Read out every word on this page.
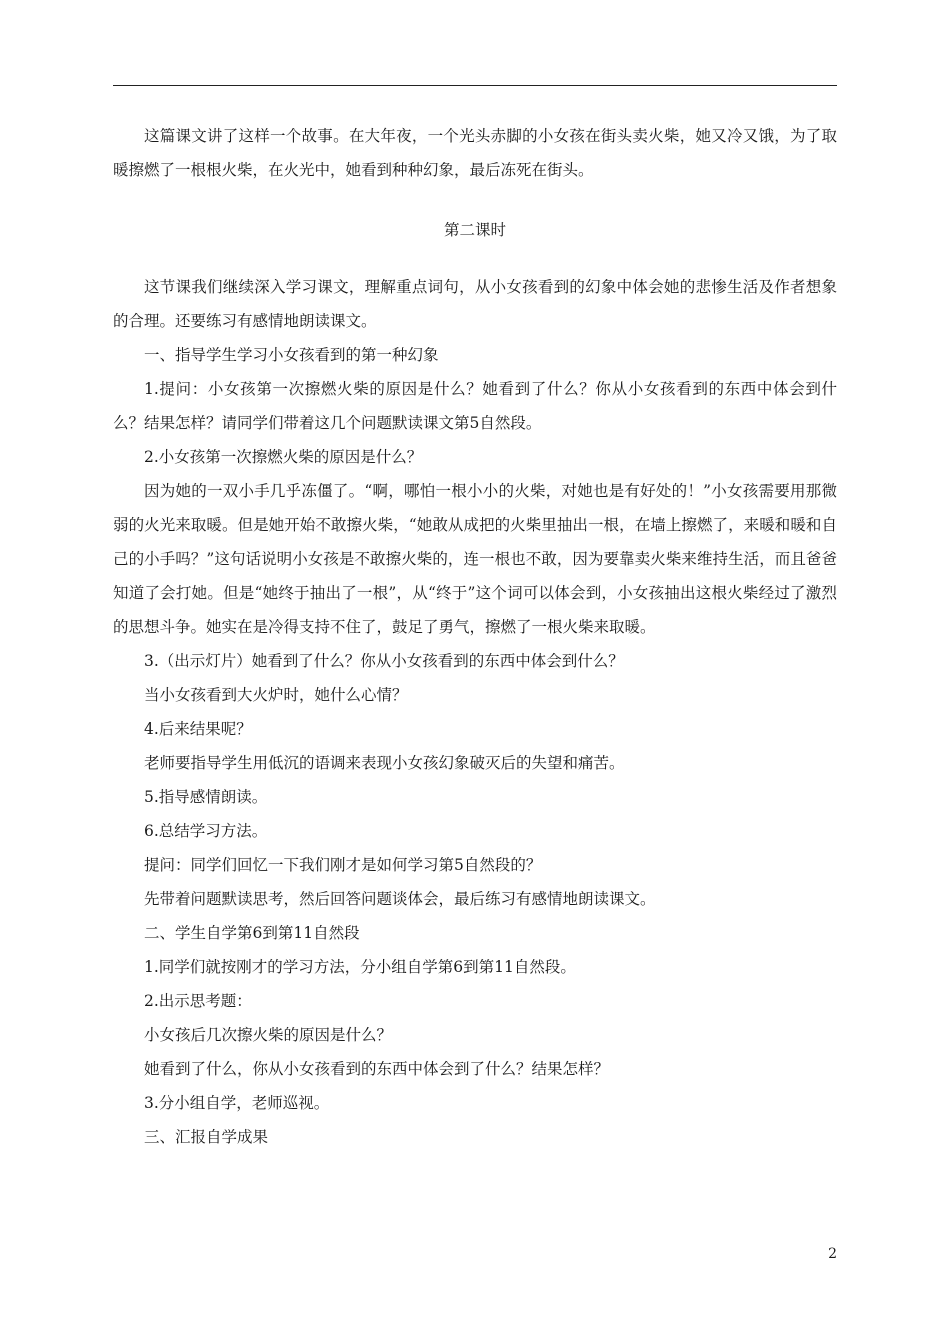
这篇课文讲了这样一个故事。在大年夜，一个光头赤脚的小女孩在街头卖火柴，她又冷又饿，为了取暖擦燃了一根根火柴，在火光中，她看到种种幻象，最后冻死在街头。

第二课时

这节课我们继续深入学习课文，理解重点词句，从小女孩看到的幻象中体会她的悲惨生活及作者想象的合理。还要练习有感情地朗读课文。

一、指导学生学习小女孩看到的第一种幻象

1.提问：小女孩第一次擦燃火柴的原因是什么？她看到了什么？你从小女孩看到的东西中体会到什么？结果怎样？请同学们带着这几个问题默读课文第5自然段。

2.小女孩第一次擦燃火柴的原因是什么？

因为她的一双小手几乎冻僵了。“啊，哪怕一根小小的火柴，对她也是有好处的！”小女孩需要用那微弱的火光来取暖。但是她开始不敢擦火柴，“她敢从成把的火柴里抽出一根，在墙上擦燃了，来暖和暖和自己的小手吗？”这句话说明小女孩是不敢擦火柴的，连一根也不敢，因为要靠卖火柴来维持生活，而且爸爸知道了会打她。但是“她终于抽出了一根”，从“终于”这个词可以体会到，小女孩抽出这根火柴经过了激烈的思想斗争。她实在是冷得支持不住了，鼓足了勇气，擦燃了一根火柴来取暖。

3.（出示灯片）她看到了什么？你从小女孩看到的东西中体会到什么？

当小女孩看到大火炉时，她什么心情？

4.后来结果呢？

老师要指导学生用低沉的语调来表现小女孩幻象破灭后的失望和痛苦。

5.指导感情朗读。

6.总结学习方法。

提问：同学们回忆一下我们刚才是如何学习第5自然段的？

先带着问题默读思考，然后回答问题谈体会，最后练习有感情地朗读课文。

二、学生自学第6到第11自然段

1.同学们就按刚才的学习方法，分小组自学第6到第11自然段。

2.出示思考题：

小女孩后几次擦火柴的原因是什么？

她看到了什么，你从小女孩看到的东西中体会到了什么？结果怎样？

3.分小组自学，老师巡视。

三、汇报自学成果

2
